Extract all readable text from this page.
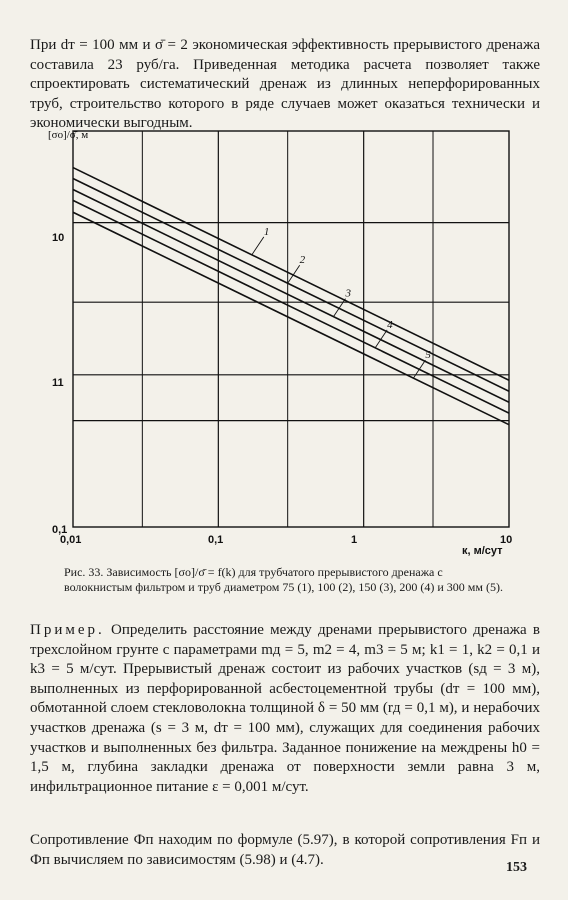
При dт = 100 мм и σ̄ = 2 экономическая эффективность прерывистого дренажа составила 23 руб/га. Приведенная методика расчета позволяет также спроектировать систематический дренаж из длинных неперфорированных труб, строительство которого в ряде случаев может оказаться технически и экономически выгодным.

0,01	0,1	1	10
10
11
0,1
1
2
3
4
5
[σo]/σ̄, м
к, м/сут

Рис. 33. Зависимость [σo]/σ̄ = f(k) для трубчатого прерывистого дренажа с волокнистым фильтром и труб диаметром 75 (1), 100 (2), 150 (3), 200 (4) и 300 мм (5).

Пример. Определить расстояние между дренами прерывистого дренажа в трехслойном грунте с параметрами mд = 5, m2 = 4, m3 = 5 м; k1 = 1, k2 = 0,1 и k3 = 5 м/сут. Прерывистый дренаж состоит из рабочих участков (sд = 3 м), выполненных из перфорированной асбестоцементной трубы (dт = 100 мм), обмотанной слоем стекловолокна толщиной δ = 50 мм (rд = 0,1 м), и нерабочих участков дренажа (s = 3 м, dт = 100 мм), служащих для соединения рабочих участков и выполненных без фильтра. Заданное понижение на междрены h0 = 1,5 м, глубина закладки дренажа от поверхности земли равна 3 м, инфильтрационное питание ε = 0,001 м/сут.

Сопротивление Фп находим по формуле (5.97), в которой сопротивления Fп и Фп вычисляем по зависимостям (5.98) и (4.7).	153
